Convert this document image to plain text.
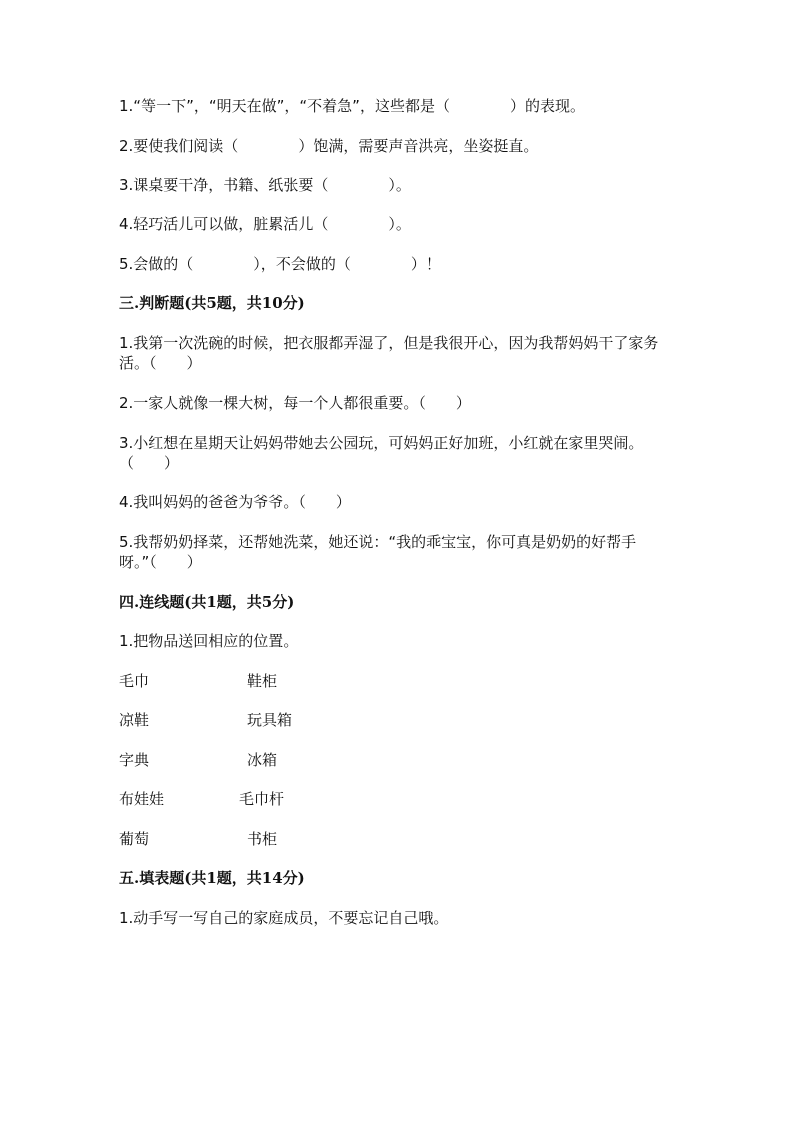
1.“等一下”，“明天在做”，“不着急”，这些都是（　　　　）的表现。
2.要使我们阅读（　　　　）饱满，需要声音洪亮，坐姿挺直。
3.课桌要干净，书籍、纸张要（　　　　）。
4.轻巧活儿可以做，脏累活儿（　　　　）。
5.会做的（　　　　），不会做的（　　　　）！
三.判断题(共5题，共10分)
1.我第一次洗碗的时候，把衣服都弄湿了，但是我很开心，因为我帮妈妈干了家务活。（　　）
2.一家人就像一棵大树，每一个人都很重要。（　　）
3.小红想在星期天让妈妈带她去公园玩，可妈妈正好加班，小红就在家里哭闹。（　　）
4.我叫妈妈的爸爸为爷爷。（　　）
5.我帮奶奶择菜，还帮她洗菜，她还说：“我的乖宝宝，你可真是奶奶的好帮手呀。”（　　）
四.连线题(共1题，共5分)
1.把物品送回相应的位置。
毛巾	鞋柜
凉鞋	玩具箱
字典	冰箱
布娃娃	毛巾杆
葡萄	书柜
五.填表题(共1题，共14分)
1.动手写一写自己的家庭成员，不要忘记自己哦。
